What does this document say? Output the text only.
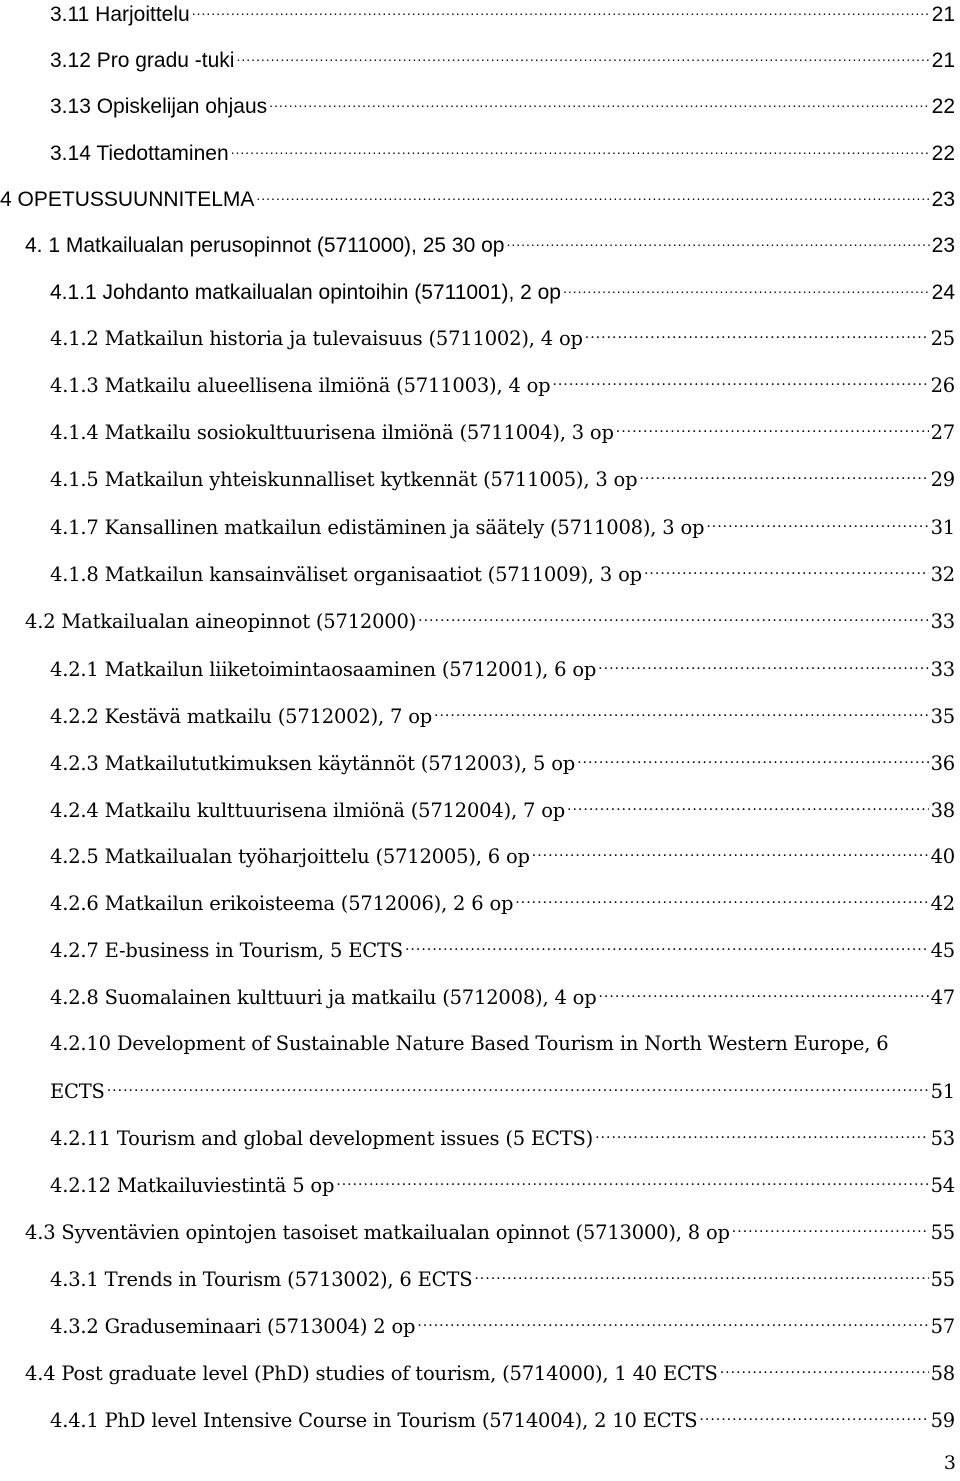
3.11 Harjoittelu .....	21
3.12 Pro gradu -tuki .....	21
3.13 Opiskelijan ohjaus .....	22
3.14 Tiedottaminen .....	22
4 OPETUSSUUNNITELMA .....	23
4. 1 Matkailualan perusopinnot (5711000), 25 30 op .....	23
4.1.1 Johdanto matkailualan opintoihin (5711001), 2 op .....	24
4.1.2 Matkailun historia ja tulevaisuus (5711002), 4 op .....	25
4.1.3 Matkailu alueellisena ilmiönä (5711003), 4 op .....	26
4.1.4 Matkailu sosiokulttuurisena ilmiönä (5711004), 3 op .....	27
4.1.5 Matkailun yhteiskunnalliset kytkennät (5711005), 3 op .....	29
4.1.7 Kansallinen matkailun edistäminen ja säätely (5711008), 3 op .....	31
4.1.8 Matkailun kansainväliset organisaatiot (5711009), 3 op .....	32
4.2 Matkailualan aineopinnot (5712000) .....	33
4.2.1 Matkailun liiketoimintaosaaminen (5712001), 6 op .....	33
4.2.2 Kestävä matkailu (5712002), 7 op .....	35
4.2.3 Matkailututkimuksen käytännöt (5712003), 5 op .....	36
4.2.4 Matkailu kulttuurisena ilmiönä (5712004), 7 op .....	38
4.2.5 Matkailualan työharjoittelu (5712005), 6 op .....	40
4.2.6 Matkailun erikoisteema (5712006), 2 6 op .....	42
4.2.7 E-business in Tourism, 5 ECTS .....	45
4.2.8 Suomalainen kulttuuri ja matkailu (5712008), 4 op .....	47
4.2.10 Development of Sustainable Nature Based Tourism in North Western Europe, 6
ECTS .....	51
4.2.11 Tourism and global development issues (5 ECTS) .....	53
4.2.12 Matkailuviestintä 5 op .....	54
4.3 Syventävien opintojen tasoiset matkailualan opinnot (5713000), 8 op .....	55
4.3.1 Trends in Tourism (5713002), 6 ECTS .....	55
4.3.2 Graduseminaari (5713004) 2 op .....	57
4.4 Post graduate level (PhD) studies of tourism, (5714000), 1 40 ECTS .....	58
4.4.1 PhD level Intensive Course in Tourism (5714004), 2 10 ECTS .....	59
3
